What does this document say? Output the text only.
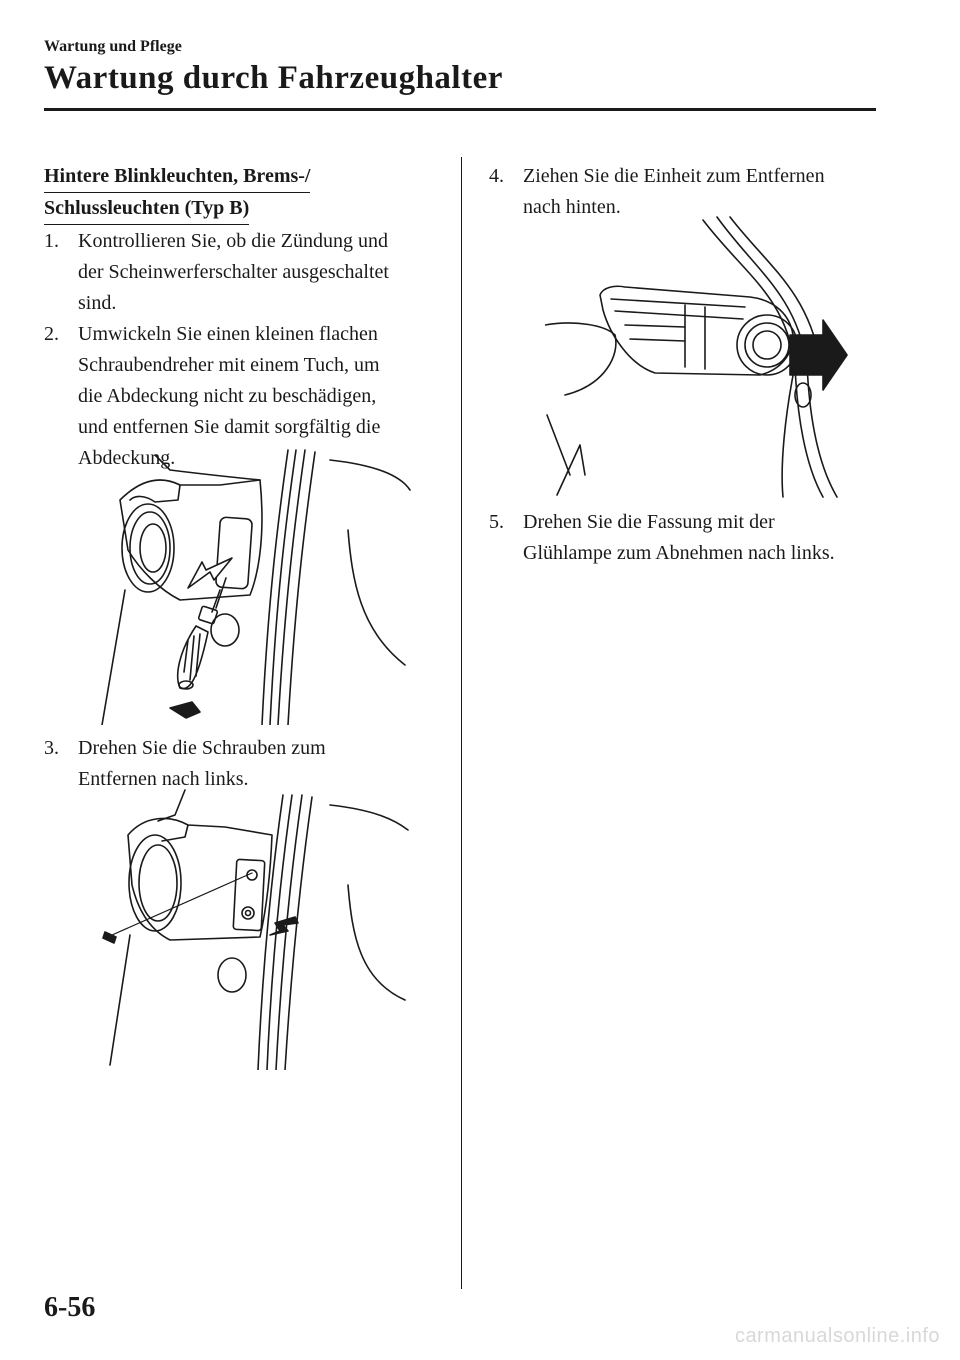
Wartung und Pflege
Wartung durch Fahrzeughalter
Hintere Blinkleuchten, Brems-/
Schlussleuchten (Typ B)
1. Kontrollieren Sie, ob die Zündung und
der Scheinwerferschalter ausgeschaltet
sind.
2. Umwickeln Sie einen kleinen flachen
Schraubendreher mit einem Tuch, um
die Abdeckung nicht zu beschädigen,
und entfernen Sie damit sorgfältig die
Abdeckung.
3. Drehen Sie die Schrauben zum
Entfernen nach links.
4. Ziehen Sie die Einheit zum Entfernen
nach hinten.
5. Drehen Sie die Fassung mit der
Glühlampe zum Abnehmen nach links.
6-56
carmanualsonline.info
